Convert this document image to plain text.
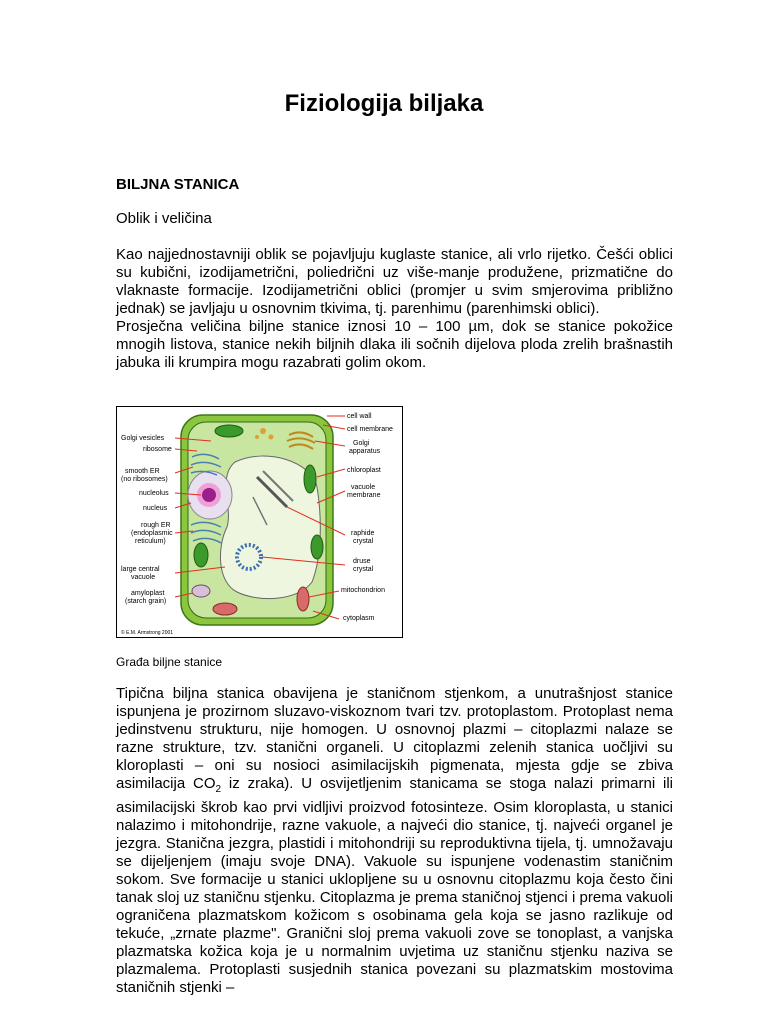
Fiziologija biljaka
BILJNA STANICA
Oblik i veličina

Kao najjednostavniji oblik se pojavljuju kuglaste stanice, ali vrlo rijetko. Češći oblici su kubični, izodijametrični, poliedrični uz više-manje produžene, prizmatične do vlaknaste formacije. Izodijametrični oblici (promjer u svim smjerovima približno jednak) se javljaju u osnovnim tkivima, tj. parenhimu (parenhimski oblici).

Prosječna veličina biljne stanice iznosi 10 – 100 µm, dok se stanice pokožice mnogih listova, stanice nekih biljnih dlaka ili sočnih dijelova ploda zrelih brašnastih jabuka ili krumpira mogu razabrati golim okom.

Golgi vesicles
ribosome
smooth ER
(no ribosomes)
nucleolus
nucleus
rough ER
(endoplasmic
reticulum)
large central
vacuole
amyloplast
(starch grain)
cell wall
cell membrane
Golgi
apparatus
chloroplast
vacuole
membrane
raphide
crystal
druse
crystal
mitochondrion
cytoplasm
© E.M. Armstrong 2001
Građa biljne stanice
Tipična biljna stanica obavijena je staničnom stjenkom, a unutrašnjost stanice ispunjena je prozirnom sluzavo-viskoznom tvari tzv. protoplastom. Protoplast nema jedinstvenu strukturu, nije homogen. U osnovnoj plazmi – citoplazmi nalaze se razne strukture, tzv. stanični organeli. U citoplazmi zelenih stanica uočljivi su kloroplasti – oni su nosioci asimilacijskih pigmenata, mjesta gdje se zbiva asimilacija $CO_2$ iz zraka). U osvijetljenim stanicama se stoga nalazi primarni ili asimilacijski škrob kao prvi vidljivi proizvod fotosinteze. Osim kloroplasta, u stanici nalazimo i mitohondrije, razne vakuole, a najveći dio stanice, tj. najveći organel je jezgra. Stanična jezgra, plastidi i mitohondriji su reproduktivna tijela, tj. umnožavaju se dijeljenjem (imaju svoje DNA). Vakuole su ispunjene vodenastim staničnim sokom. Sve formacije u stanici uklopljene su u osnovnu citoplazmu koja često čini tanak sloj uz staničnu stjenku. Citoplazma je prema staničnoj stjenci i prema vakuoli ograničena plazmatskom kožicom s osobinama gela koja se jasno razlikuje od tekuće, „zrnate plazme". Granični sloj prema vakuoli zove se tonoplast, a vanjska plazmatska kožica koja je u normalnim uvjetima uz staničnu stjenku naziva se plazmalema. Protoplasti susjednih stanica povezani su plazmatskim mostovima staničnih stjenki –
